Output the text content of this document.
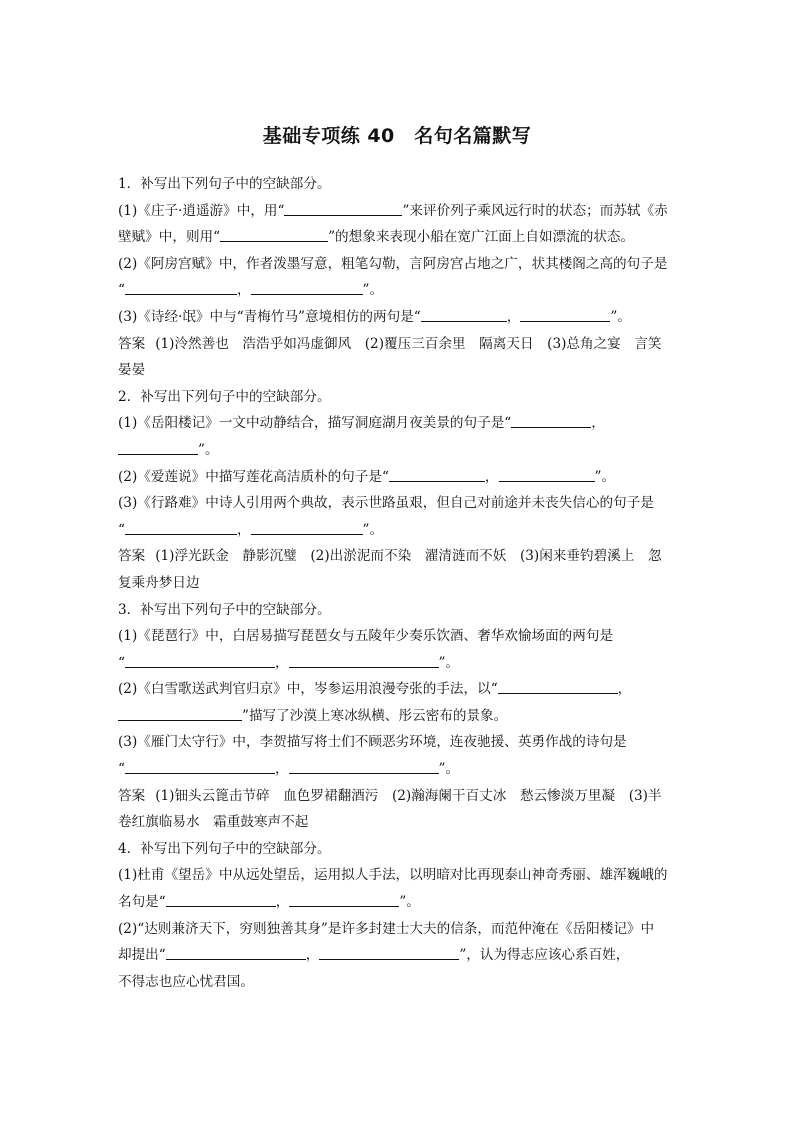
基础专项练 40　名句名篇默写
1．补写出下列句子中的空缺部分。
(1)《庄子·逍遥游》中，用“	”来评价列子乘风远行时的状态；而苏轼《赤
壁赋》中，则用“	”的想象来表现小船在宽广江面上自如漂流的状态。
(2)《阿房宫赋》中，作者泼墨写意，粗笔勾勒，言阿房宫占地之广，状其楼阁之高的句子是
“	，	”。
(3)《诗经·氓》中与“青梅竹马”意境相仿的两句是“	，	”。
答案 (1)泠然善也　浩浩乎如冯虚御风　(2)覆压三百余里　隔离天日　(3)总角之宴　言笑
晏晏
2．补写出下列句子中的空缺部分。
(1)《岳阳楼记》一文中动静结合，描写洞庭湖月夜美景的句子是“	，
”。
(2)《爱莲说》中描写莲花高洁质朴的句子是“	，	”。
(3)《行路难》中诗人引用两个典故，表示世路虽艰，但自己对前途并未丧失信心的句子是
“	，	”。
答案 (1)浮光跃金　静影沉璧　(2)出淤泥而不染　濯清涟而不妖　(3)闲来垂钓碧溪上　忽
复乘舟梦日边
3．补写出下列句子中的空缺部分。
(1)《琵琶行》中，白居易描写琵琶女与五陵年少奏乐饮酒、奢华欢愉场面的两句是
“	，	”。
(2)《白雪歌送武判官归京》中，岑参运用浪漫夸张的手法，以“	，
”描写了沙漠上寒冰纵横、彤云密布的景象。
(3)《雁门太守行》中，李贺描写将士们不顾恶劣环境，连夜驰援、英勇作战的诗句是
“	，	”。
答案 (1)钿头云篦击节碎　血色罗裙翻酒污　(2)瀚海阑干百丈冰　愁云惨淡万里凝　(3)半
卷红旗临易水　霜重鼓寒声不起
4．补写出下列句子中的空缺部分。
(1)杜甫《望岳》中从远处望岳，运用拟人手法，以明暗对比再现泰山神奇秀丽、雄浑巍峨的
名句是“	，	”。
(2)“达则兼济天下，穷则独善其身”是许多封建士大夫的信条，而范仲淹在《岳阳楼记》中
却提出“	，	”，认为得志应该心系百姓，
不得志也应心忧君国。
